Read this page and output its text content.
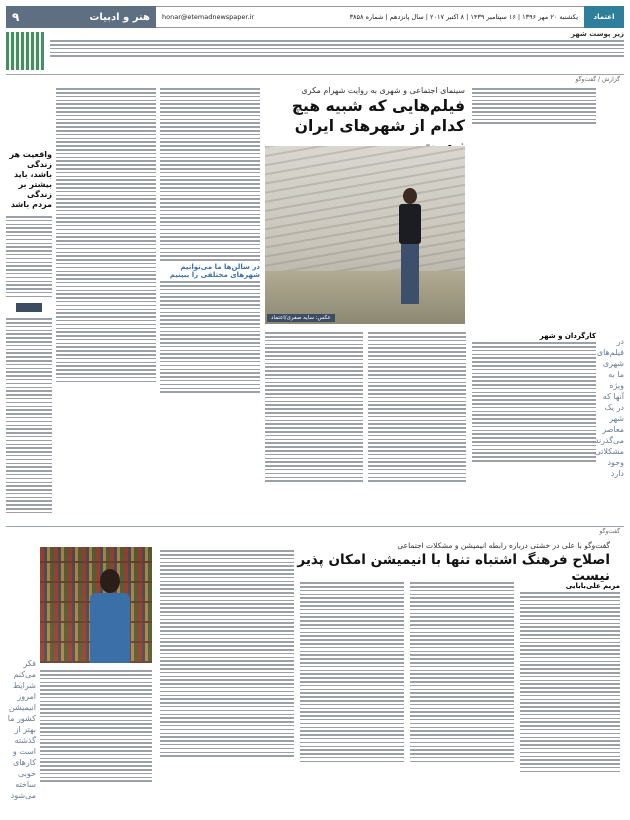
اعتماد
یکشنبه ۲۰ مهر ۱۳۹۶ | ۱۶ سپتامبر ۱۴۳۹ | ۸ اکتبر ۲۰۱۷ | سال پانزدهم | شماره ۳۸۵۸
honar@etemadnewspaper.ir
هنر و ادبیات
۹
زیر پوست شهر
گزارش / گفت‌وگو
سینمای اجتماعی و شهری به روایت شهرام مکری
فیلم‌هایی که شبیه هیچ کدام از شهر‌های ایران
عکس: سایه صفری/اعتماد
کارگردان و شهر
در فیلم‌های شهری ما به ویژه آنها که در یک شهر معاصر می‌گذرند، مشکلاتی وجود دارد
در سالن‌ها ما می‌توانیم شهرهای مختلفی را ببینیم
واقعیت هر زندگی باشد، باید بیشتر بر زندگی مردم باشد
گفت‌وگو
گفت‌وگو با علی در خشتی درباره رابطه انیمیشن و مشکلات اجتماعی
اصلاح فرهنگ اشتباه تنها با انیمیشن امکان پذیر نیست
مریم علی‌بابایی
فکر می‌کنم شرایط امروز انیمیشن کشور ما بهتر از گذشته است و کارهای خوبی ساخته می‌شود
